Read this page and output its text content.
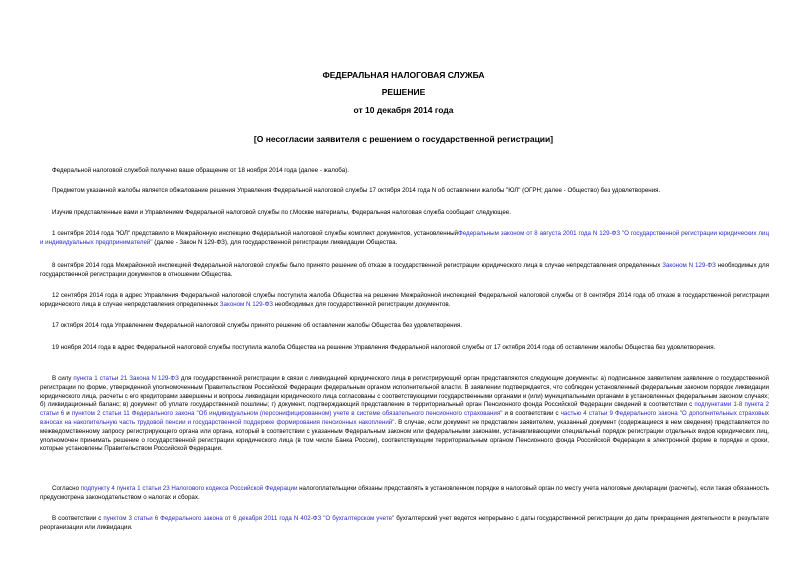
ФЕДЕРАЛЬНАЯ НАЛОГОВАЯ СЛУЖБА
РЕШЕНИЕ
от 10 декабря 2014 года
[О несогласии заявителя с решением о государственной регистрации]
Федеральной налоговой службой получено ваше обращение от 18 ноября 2014 года (далее - жалоба).
Предметом указанной жалобы является обжалование решения Управления Федеральной налоговой службы 17 октября 2014 года N об оставлении жалобы "ЮЛ" (ОГРН; далее - Общество) без удовлетворения.
Изучив представленные вами и Управлением Федеральной налоговой службы по г.Москве материалы, Федеральная налоговая служба сообщает следующее.
1 сентября 2014 года "ЮЛ" представило в Межрайонную инспекцию Федеральной налоговой службы комплект документов, установленныйФедеральным законом от 8 августа 2001 года N 129-ФЗ "О государственной регистрации юридических лиц и индивидуальных предпринимателей" (далее - Закон N 129-ФЗ), для государственной регистрации ликвидации Общества.
8 сентября 2014 года Межрайонной инспекцией Федеральной налоговой службы было принято решение об отказе в государственной регистрации юридического лица в случае непредставления определенных Законом N 129-ФЗ необходимых для государственной регистрации документов в отношении Общества.
12 сентября 2014 года в адрес Управления Федеральной налоговой службы поступила жалоба Общества на решение Межрайонной инспекцией Федеральной налоговой службы от 8 сентября 2014 года об отказе в государственной регистрации юридического лица в случае непредставления определенных Законом N 129-ФЗ необходимых для государственной регистрации документов.
17 октября 2014 года Управлением Федеральной налоговой службы принято решение об оставлении жалобы Общества без удовлетворения.
19 ноября 2014 года в адрес Федеральной налоговой службы поступила жалоба Общества на решение Управления Федеральной налоговой службы от 17 октября 2014 года об оставлении жалобы Общества без удовлетворения.
В силу пункта 1 статьи 21 Закона N 129-ФЗ для государственной регистрации в связи с ликвидацией юридического лица в регистрирующий орган представляются следующие документы: а) подписанное заявителем заявление о государственной регистрации по форме, утвержденной уполномоченным Правительством Российской Федерации федеральным органом исполнительной власти. В заявлении подтверждается, что соблюден установленный федеральным законом порядок ликвидации юридического лица, расчеты с его кредиторами завершены и вопросы ликвидации юридического лица согласованы с соответствующими государственными органами и (или) муниципальными органами в установленных федеральным законом случаях; б) ликвидационный баланс; в) документ об уплате государственной пошлины; г) документ, подтверждающий представление в территориальный орган Пенсионного фонда Российской Федерации сведений в соответствии с подпунктами 1-8 пункта 2 статьи 6 и пунктом 2 статьи 11 Федерального закона "Об индивидуальном (персонифицированном) учете в системе обязательного пенсионного страхования" и в соответствии с частью 4 статьи 9 Федерального закона "О дополнительных страховых взносах на накопительную часть трудовой пенсии и государственной поддержке формирования пенсионных накоплений". В случае, если документ не представлен заявителем, указанный документ (содержащиеся в нем сведения) представляется по межведомственному запросу регистрирующего органа или органа, который в соответствии с указанным Федеральным законом или федеральными законами, устанавливающими специальный порядок регистрации отдельных видов юридических лиц, уполномочен принимать решение о государственной регистрации юридического лица (в том числе Банка России), соответствующим территориальным органом Пенсионного фонда Российской Федерации в электронной форме в порядке и сроки, которые установлены Правительством Российской Федерации.
Согласно подпункту 4 пункта 1 статьи 23 Налогового кодекса Российской Федерации налогоплательщики обязаны представлять в установленном порядке в налоговый орган по месту учета налоговые декларации (расчеты), если такая обязанность предусмотрена законодательством о налогах и сборах.
В соответствии с пунктом 3 статьи 6 Федерального закона от 6 декабря 2011 года N 402-ФЗ "О бухгалтерском учете" бухгалтерский учет ведется непрерывно с даты государственной регистрации до даты прекращения деятельности в результате реорганизации или ликвидации.
